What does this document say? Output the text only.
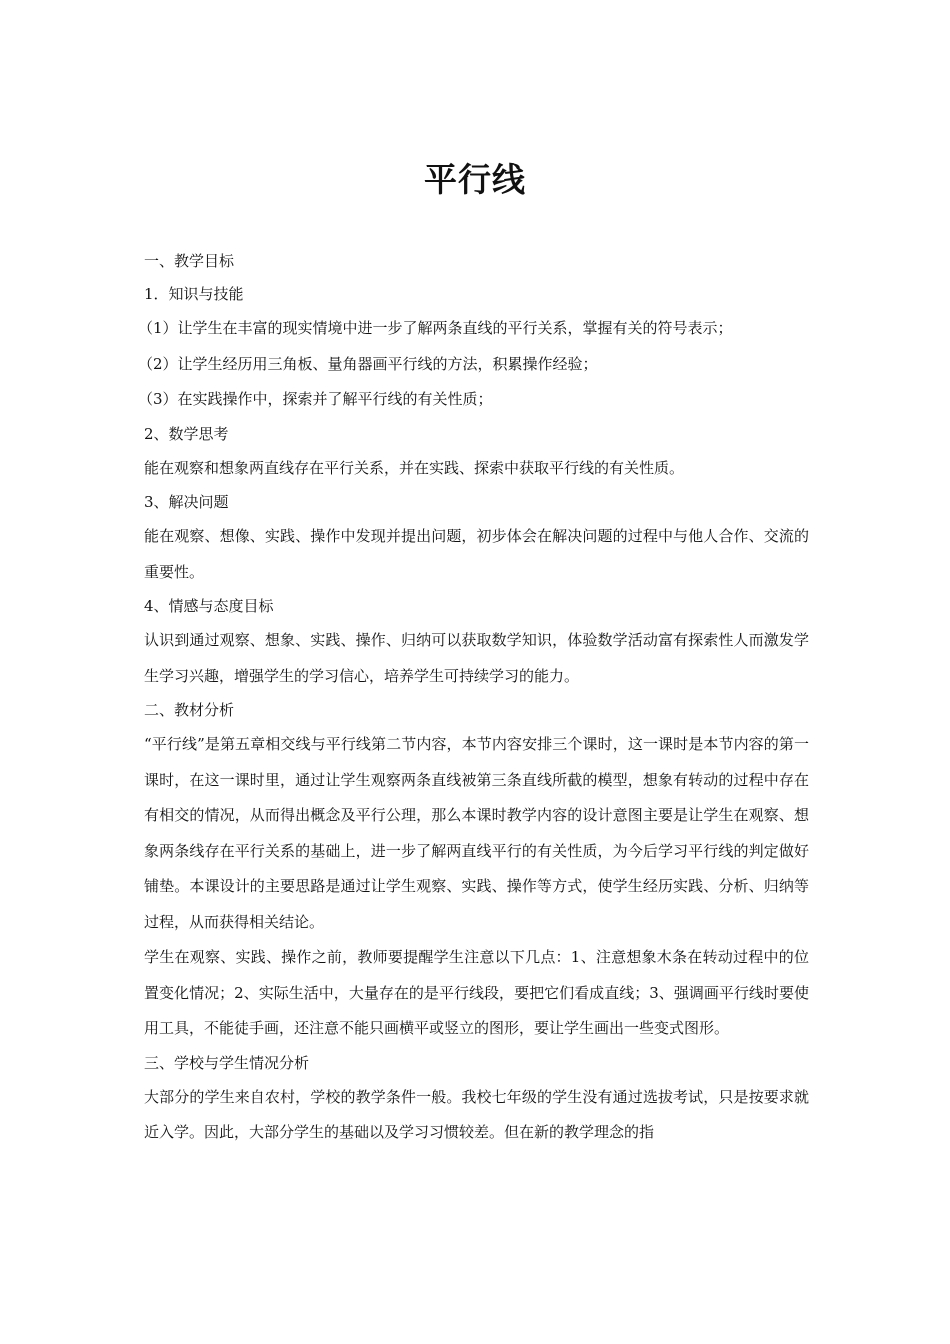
平行线

一、教学目标

1．知识与技能

（1）让学生在丰富的现实情境中进一步了解两条直线的平行关系，掌握有关的符号表示；

（2）让学生经历用三角板、量角器画平行线的方法，积累操作经验；

（3）在实践操作中，探索并了解平行线的有关性质；

2、数学思考

能在观察和想象两直线存在平行关系，并在实践、探索中获取平行线的有关性质。

3、解决问题

能在观察、想像、实践、操作中发现并提出问题，初步体会在解决问题的过程中与他人合作、交流的重要性。

4、情感与态度目标

认识到通过观察、想象、实践、操作、归纳可以获取数学知识，体验数学活动富有探索性人而激发学生学习兴趣，增强学生的学习信心，培养学生可持续学习的能力。

二、教材分析

“平行线”是第五章相交线与平行线第二节内容，本节内容安排三个课时，这一课时是本节内容的第一课时，在这一课时里，通过让学生观察两条直线被第三条直线所截的模型，想象有转动的过程中存在有相交的情况，从而得出概念及平行公理，那么本课时教学内容的设计意图主要是让学生在观察、想象两条线存在平行关系的基础上，进一步了解两直线平行的有关性质，为今后学习平行线的判定做好铺垫。本课设计的主要思路是通过让学生观察、实践、操作等方式，使学生经历实践、分析、归纳等过程，从而获得相关结论。

学生在观察、实践、操作之前，教师要提醒学生注意以下几点：1、注意想象木条在转动过程中的位置变化情况；2、实际生活中，大量存在的是平行线段，要把它们看成直线；3、强调画平行线时要使用工具，不能徒手画，还注意不能只画横平或竖立的图形，要让学生画出一些变式图形。

三、学校与学生情况分析

大部分的学生来自农村，学校的教学条件一般。我校七年级的学生没有通过选拔考试，只是按要求就近入学。因此，大部分学生的基础以及学习习惯较差。但在新的教学理念的指
